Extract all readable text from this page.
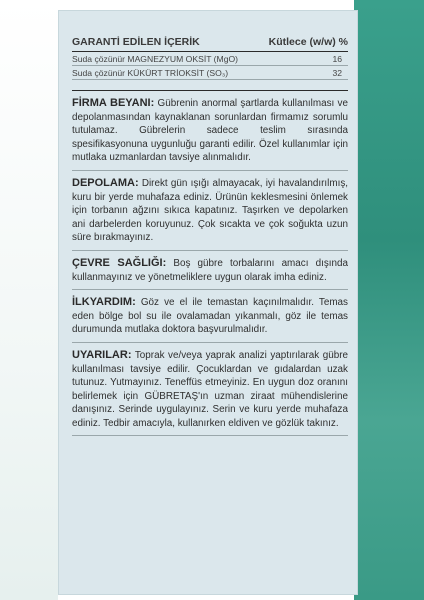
GARANTİ EDİLEN İÇERİK	Kütlece (w/w) %
Suda çözünür MAGNEZYUM OKSİT (MgO)	16
Suda çözünür KÜKÜRT TRİOKSİT (SO₃)	32
FİRMA BEYANI: Gübrenin anormal şartlarda kullanılması ve depolanmasından kaynaklanan sorunlardan firmamız sorumlu tutulamaz. Gübrelerin sadece teslim sırasında spesifikasyonuna uygunluğu garanti edilir. Özel kullanımlar için mutlaka uzmanlardan tavsiye alınmalıdır.
DEPOLAMA: Direkt gün ışığı almayacak, iyi havalandırılmış, kuru bir yerde muhafaza ediniz. Ürünün keklesmesini önlemek için torbanın ağzını sıkıca kapatınız. Taşırken ve depolarken ani darbelerden koruyunuz. Çok sıcakta ve çok soğukta uzun süre bırakmayınız.
ÇEVRE SAĞLIĞI: Boş gübre torbalarını amacı dışında kullanmayınız ve yönetmeliklere uygun olarak imha ediniz.
İLKYARDIM: Göz ve el ile temastan kaçınılmalıdır. Temas eden bölge bol su ile ovalamadan yıkanmalı, göz ile temas durumunda mutlaka doktora başvurulmalıdır.
UYARILAR: Toprak ve/veya yaprak analizi yaptırılarak gübre kullanılması tavsiye edilir. Çocuklardan ve gıdalardan uzak tutunuz. Yutmayınız. Teneffüs etmeyiniz. En uygun doz oranını belirlemek için GÜBRETAŞ'ın uzman ziraat mühendislerine danışınız. Serinde uygulayınız. Serin ve kuru yerde muhafaza ediniz. Tedbir amacıyla, kullanırken eldiven ve gözlük takınız.
